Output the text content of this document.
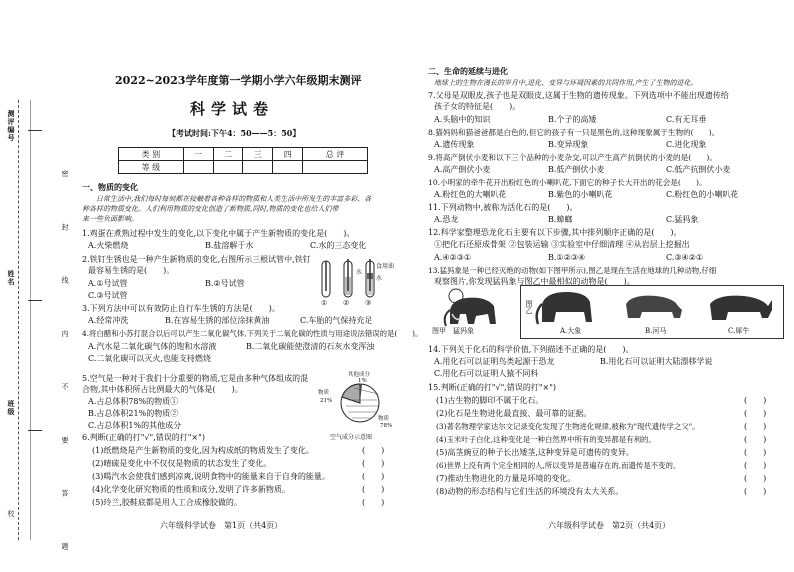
测评编号
姓名
班级	密 封 线 内 不 要 答 题
校
2022~2023学年度第一学期小学六年级期末测评
科学试卷
【考试时间:下午4：50——5：50】
类 别	一	二	三	四	总 评
等 级					
一、物质的变化
日常生活中,我们每时每刻都在接触着各种各样的物质和人类生活中所发生的丰富多彩、各
种各样的物质变化。人们利用物质的变化创造了新物质,同时,物质的变化也给人们带
来一些负面影响。
1.鸡蛋在煮熟过程中发生的变化,以下变化中属于产生新物质的变化是(　　)。
A.火柴燃烧	B.盐溶解于水	C.水的三态变化
2.铁钉生锈也是一种产生新物质的变化,右图所示三根试管中,铁钉
最容易生锈的是(　　)。
A.①号试管	B.②号试管
C.③号试管
① ② ③
水
食用油
水
3.下列方法中可以有效防止自行车生锈的方法是(　　)。
A.经常冲洗	B.在容易生锈的部位涂抹黄油	C.车胎的气保持充足
4.将白醋和小苏打混合以后可以产生二氧化碳气体,下列关于二氧化碳的性质与用途说法错误的是(　　)。
A.汽水是二氧化碳气体的饱和水溶液	B.二氧化碳能使澄清的石灰水变浑浊
C.二氧化碳可以灭火,也能支持燃烧
5.空气是一种对于我们十分重要的物质,它是由多种气体组成的混
合物,其中体积所占比例最大的气体是(　　)。
A.占总体积78%的物质①
B.占总体积21%的物质②
C.占总体积1%的其他成分
其他成分
1%
物质
21%
物质
78%
空气成分示意图
6.判断(正确的打"√",错误的打"×")
(1)纸燃烧是产生新物质的变化,因为构成纸的物质发生了变化。
(2)晴硫是变化中不仅仅是物质的状态发生了变化。
(3)喝汽水会使我们感到凉爽,说明食物中的能量来自于自身的能量。
(4)化学变化研究物质的性质和成分,发明了许多新物质。
(5)玲兰,胶鞋底都是用人工合成橡胶做的。
(　　)
(　　)
(　　)
(　　)
(　　)
六年级科学试卷　第1页（共4页）
二、生命的延续与进化
地球上的生物在漫长的岁月中,进化、变异与环境因素的共同作用,产生了生物的进化。
7.父母是双眼皮,孩子也是双眼皮,这属于生物的遗传现象。下列选项中不能出现遗传给
孩子女的特征是(　　)。
A.头脑中的知识	B.个子的高矮	C.有无耳垂
8.猫妈妈和猫爸爸都是白色的,但它的孩子有一只是黑色的,这种现象属于生物的(　　)。
A.遗传现象	B.变异现象	C.进化现象
9.将高产倒伏小麦和以下三个品种的小麦杂交,可以产生高产抗倒伏的小麦的是(　　)。
A.高产倒伏小麦	B.低产倒伏小麦	C.低产抗倒伏小麦
10.小明家的牵牛花开出粉红色的小喇叭花,下面它的种子长大开出的花会是(　　)。
A.粉红色的大喇叭花	B.紫色的小喇叭花	C.粉红色的小喇叭花
11.下列动物中,被称为活化石的是(　　)。
A.恐龙	B.蟑螂	C.猛犸象
12.科学家整理恐龙化石主要有以下步骤,其中排列顺序正确的是(　　)。
①把化石还原成骨架 ②包装运输 ③实验室中仔细清理 ④从岩层上挖掘出
A.④②③①	B.①②③④	C.③④②①
13.猛犸象是一种已经灭绝的动物(如下图甲所示),图乙是现在生活在地球的几种动物,仔细
观察图片,你发现猛犸象与图乙中最相似的动物是(　　)。
图甲　猛犸象
图乙
A.大象	B.河马	C.犀牛
14.下列关于化石的科学价值,下列描述不正确的是(　　)。
A.用化石可以证明鸟类起源于恐龙	B.用化石可以证明大陆漂移学说
C.用化石可以证明人猿不同科
15.判断(正确的打"√",错误的打"×")
(1)古生物的脚印不属于化石。
(2)化石是生物进化最直接、最可靠的证据。
(3)著名物理学家达尔文记录变化发现了生物进化规律,被称为"现代遗传学之父"。
(4)玉米叶子白化,这种变化是一种白然界中所有的变异都是有利的。
(5)高茎豌豆的种子长出矮茎,这种变异是可遗传的变异。
(6)世界上没有两个完全相同的人,所以变异是普遍存在的,而遗传是不变的。
(7)推动生物进化的力量是环境的变化。
(8)动物的形态结构与它们生活的环境没有太大关系。
(　　)
(　　)
(　　)
(　　)
(　　)
(　　)
(　　)
(　　)
六年级科学试卷　第2页（共4页）
